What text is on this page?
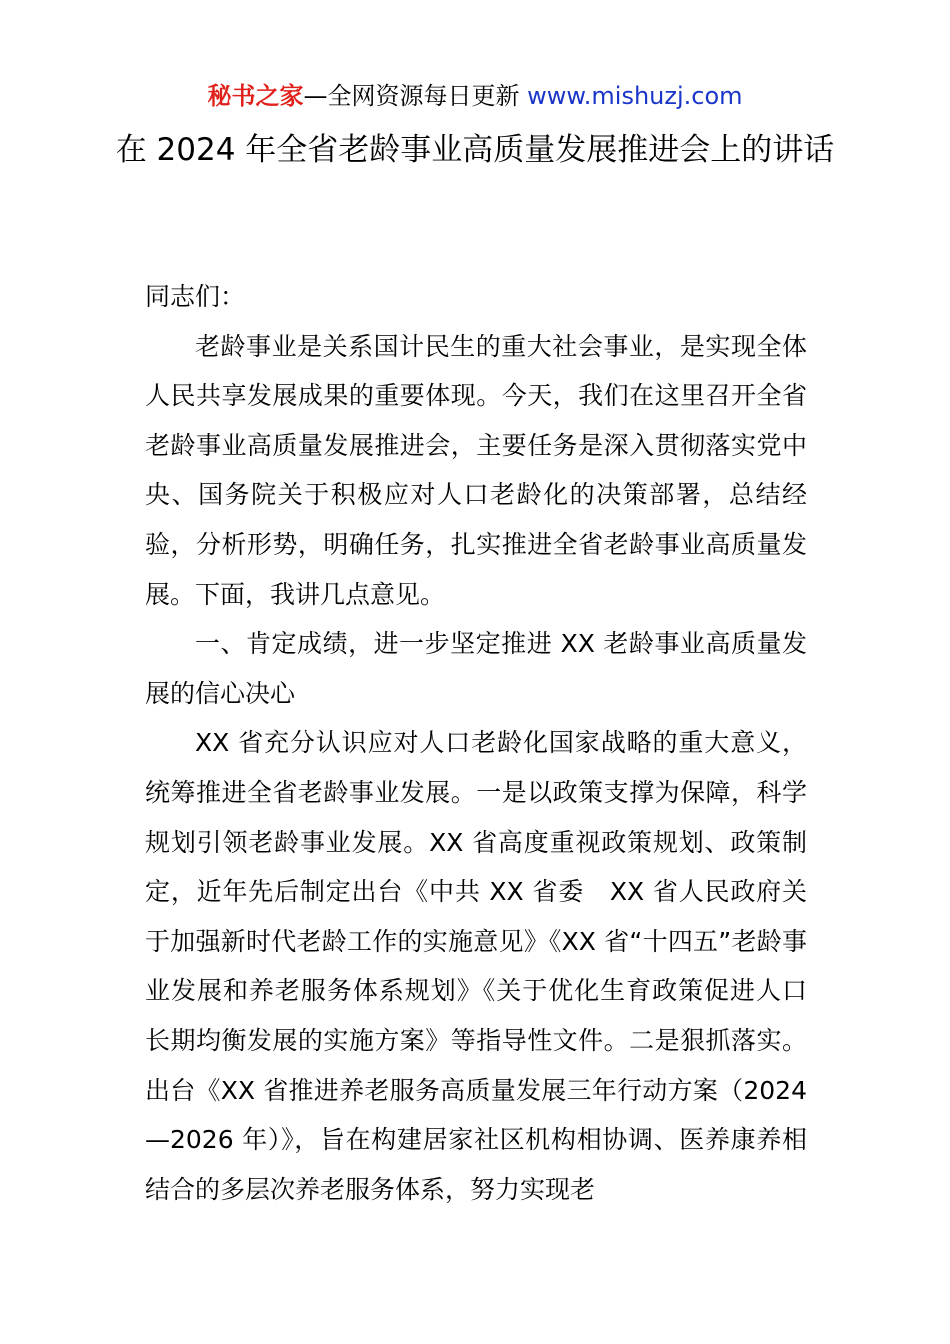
秘书之家—全网资源每日更新 www.mishuzj.com
在 2024 年全省老龄事业高质量发展推进会上的讲话

同志们：

老龄事业是关系国计民生的重大社会事业，是实现全体人民共享发展成果的重要体现。今天，我们在这里召开全省老龄事业高质量发展推进会，主要任务是深入贯彻落实党中央、国务院关于积极应对人口老龄化的决策部署，总结经验，分析形势，明确任务，扎实推进全省老龄事业高质量发展。下面，我讲几点意见。

一、肯定成绩，进一步坚定推进 XX 老龄事业高质量发展的信心决心

XX 省充分认识应对人口老龄化国家战略的重大意义，统筹推进全省老龄事业发展。一是以政策支撑为保障，科学规划引领老龄事业发展。XX 省高度重视政策规划、政策制定，近年先后制定出台《中共 XX 省委　XX 省人民政府关于加强新时代老龄工作的实施意见》《XX 省“十四五”老龄事业发展和养老服务体系规划》《关于优化生育政策促进人口长期均衡发展的实施方案》等指导性文件。二是狠抓落实。出台《XX 省推进养老服务高质量发展三年行动方案（2024—2026 年）》，旨在构建居家社区机构相协调、医养康养相结合的多层次养老服务体系，努力实现老
